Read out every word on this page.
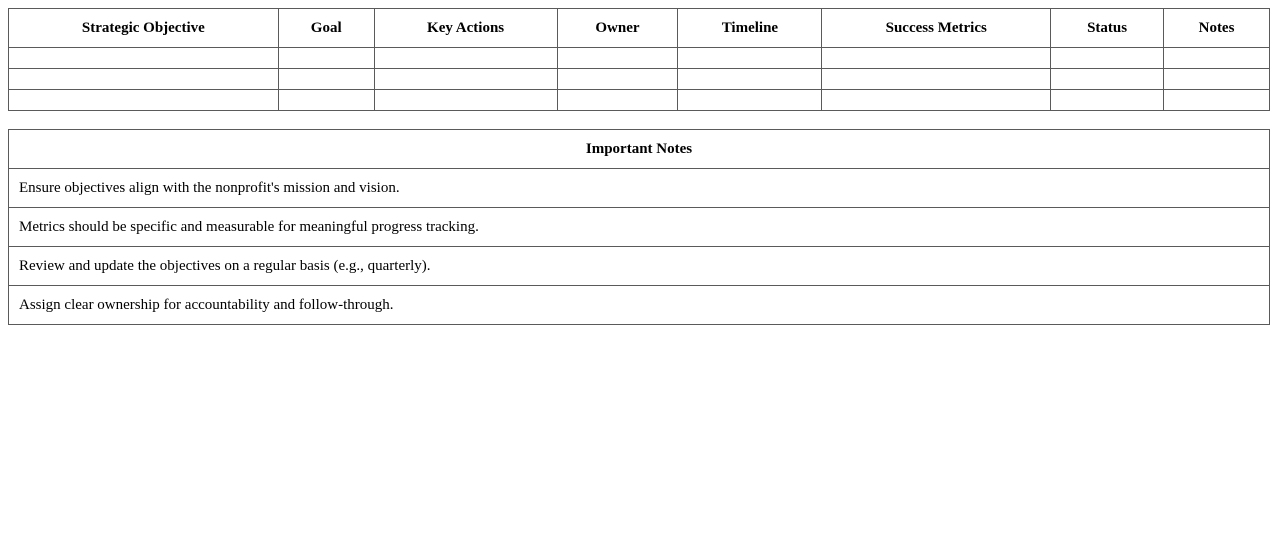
Strategic Objective	Goal	Key Actions	Owner	Timeline	Success Metrics	Status	Notes

Important Notes
Ensure objectives align with the nonprofit's mission and vision.
Metrics should be specific and measurable for meaningful progress tracking.
Review and update the objectives on a regular basis (e.g., quarterly).
Assign clear ownership for accountability and follow-through.
